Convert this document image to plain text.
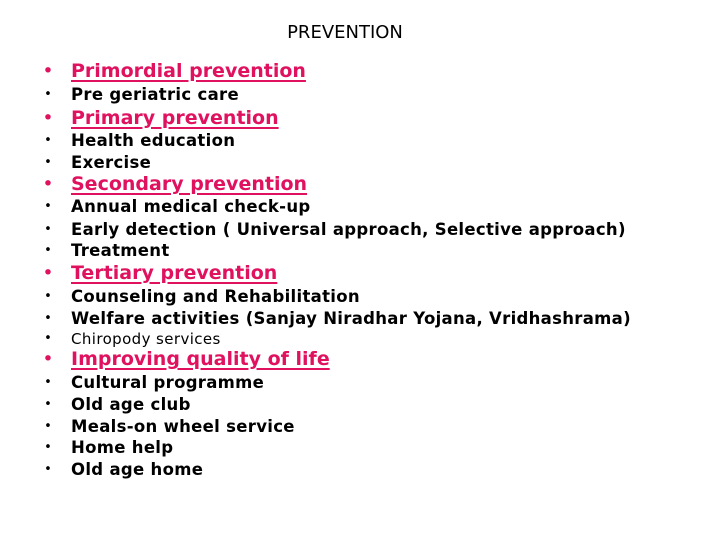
PREVENTION
• Primordial prevention
• Pre geriatric care
• Primary prevention
• Health education
• Exercise
• Secondary prevention
• Annual medical check-up
• Early detection ( Universal approach, Selective approach)
• Treatment
• Tertiary prevention
• Counseling and Rehabilitation
• Welfare activities (Sanjay Niradhar Yojana, Vridhashrama)
• Chiropody services
• Improving quality of life
• Cultural programme
• Old age club
• Meals-on wheel service
• Home help
• Old age home
